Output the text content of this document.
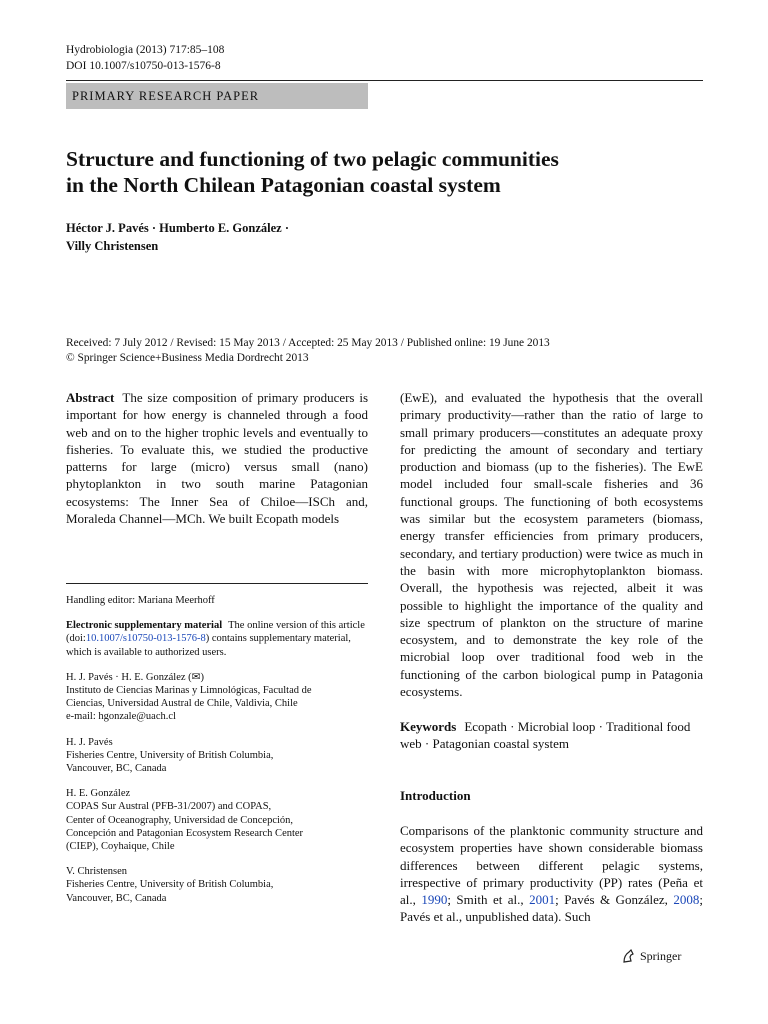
Hydrobiologia (2013) 717:85–108
DOI 10.1007/s10750-013-1576-8
PRIMARY RESEARCH PAPER
Structure and functioning of two pelagic communities
in the North Chilean Patagonian coastal system
Héctor J. Pavés · Humberto E. González ·
Villy Christensen
Received: 7 July 2012 / Revised: 15 May 2013 / Accepted: 25 May 2013 / Published online: 19 June 2013
© Springer Science+Business Media Dordrecht 2013
Abstract The size composition of primary producers is important for how energy is channeled through a food web and on to the higher trophic levels and eventually to fisheries. To evaluate this, we studied the productive patterns for large (micro) versus small (nano) phytoplankton in two south marine Patagonian ecosystems: The Inner Sea of Chiloe—ISCh and, Moraleda Channel—MCh. We built Ecopath models
Handling editor: Mariana Meerhoff
Electronic supplementary material The online version of this article (doi:10.1007/s10750-013-1576-8) contains supplementary material, which is available to authorized users.
H. J. Pavés · H. E. González (✉)
Instituto de Ciencias Marinas y Limnológicas, Facultad de
Ciencias, Universidad Austral de Chile, Valdivia, Chile
e-mail: hgonzale@uach.cl
H. J. Pavés
Fisheries Centre, University of British Columbia,
Vancouver, BC, Canada
H. E. González
COPAS Sur Austral (PFB-31/2007) and COPAS,
Center of Oceanography, Universidad de Concepción,
Concepción and Patagonian Ecosystem Research Center
(CIEP), Coyhaique, Chile
V. Christensen
Fisheries Centre, University of British Columbia,
Vancouver, BC, Canada
(EwE), and evaluated the hypothesis that the overall primary productivity—rather than the ratio of large to small primary producers—constitutes an adequate proxy for predicting the amount of secondary and tertiary production and biomass (up to the fisheries). The EwE model included four small-scale fisheries and 36 functional groups. The functioning of both ecosystems was similar but the ecosystem parameters (biomass, energy transfer efficiencies from primary producers, secondary, and tertiary production) were twice as much in the basin with more microphytoplankton biomass. Overall, the hypothesis was rejected, albeit it was possible to highlight the importance of the quality and size spectrum of plankton on the structure of marine ecosystem, and to demonstrate the key role of the microbial loop over traditional food web in the functioning of the carbon biological pump in Patagonia ecosystems.
Keywords Ecopath · Microbial loop · Traditional food web · Patagonian coastal system
Introduction
Comparisons of the planktonic community structure and ecosystem properties have shown considerable biomass differences between different pelagic systems, irrespective of primary productivity (PP) rates (Peña et al., 1990; Smith et al., 2001; Pavés & González, 2008; Pavés et al., unpublished data). Such
Springer
